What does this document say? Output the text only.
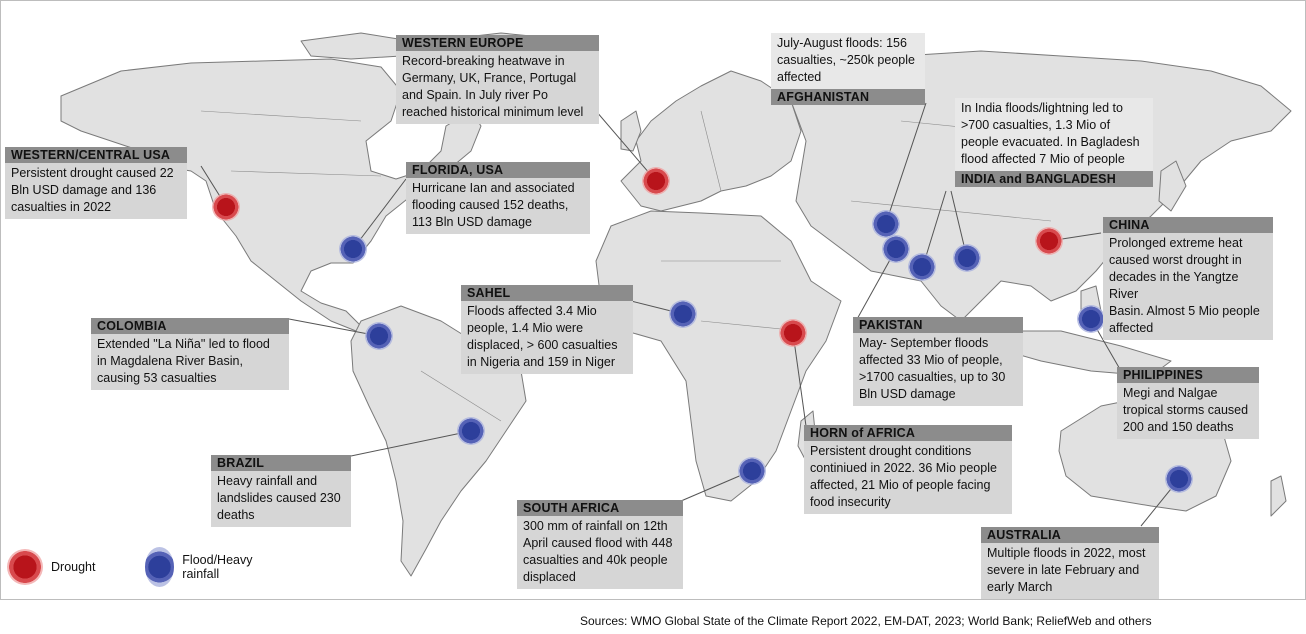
WESTERN EUROPE
Record-breaking heatwave in
Germany, UK, France, Portugal
and Spain. In July river Po
reached historical minimum level
July-August floods: 156
casualties, ~250k people
affected
AFGHANISTAN
In India floods/lightning led to
>700 casualties, 1.3 Mio of
people evacuated. In Bagladesh
flood affected 7 Mio of people
INDIA and BANGLADESH
WESTERN/CENTRAL USA
Persistent drought caused 22
Bln USD damage and 136
casualties in 2022
FLORIDA, USA
Hurricane Ian and associated
flooding caused 152 deaths,
113 Bln USD damage	CHINA
Prolonged extreme heat
caused worst drought in
decades in the Yangtze River
Basin. Almost 5 Mio people
affected
SAHEL
Floods affected 3.4 Mio
people, 1.4 Mio were
displaced, > 600 casualties
in Nigeria and 159 in Niger
COLOMBIA
Extended "La Niña" led to flood
in Magdalena River Basin,
causing 53 casualties
PAKISTAN
May- September floods
affected 33 Mio of people,
>1700 casualties, up to 30
Bln USD damage
PHILIPPINES
Megi and Nalgae
tropical storms caused
200 and 150 deaths
HORN of AFRICA
Persistent drought conditions
continiued in 2022. 36 Mio people
affected, 21 Mio of people facing
food insecurity
BRAZIL
Heavy rainfall and
landslides caused 230
deaths	SOUTH AFRICA
300 mm of rainfall on 12th
April caused flood with 448
casualties and 40k people
displaced
AUSTRALIA
Multiple floods in 2022, most
severe in late February and
early March
Drought	Flood/Heavy rainfall
Sources: WMO Global State of the Climate Report 2022, EM-DAT, 2023; World Bank; ReliefWeb and others
